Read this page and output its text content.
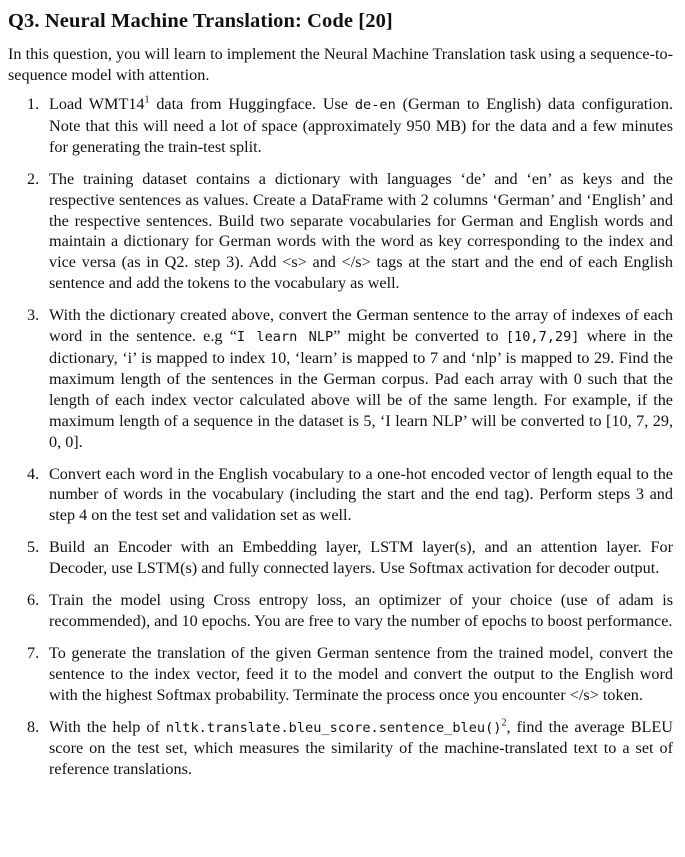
Q3. Neural Machine Translation: Code [20]

In this question, you will learn to implement the Neural Machine Translation task using a sequence-to-sequence model with attention.

1. Load $WMT14^1$ data from Huggingface. Use de-en (German to English) data configuration. Note that this will need a lot of space (approximately 950 MB) for the data and a few minutes for generating the train-test split.
2. The training dataset contains a dictionary with languages ‘de’ and ‘en’ as keys and the respective sentences as values. Create a DataFrame with 2 columns ‘German’ and ‘English’ and the respective sentences. Build two separate vocabularies for German and English words and maintain a dictionary for German words with the word as key corresponding to the index and vice versa (as in Q2. step 3). Add <s> and </s> tags at the start and the end of each English sentence and add the tokens to the vocabulary as well.
3. With the dictionary created above, convert the German sentence to the array of indexes of each word in the sentence. e.g “I learn NLP” might be converted to [10,7,29] where in the dictionary, ‘i’ is mapped to index 10, ‘learn’ is mapped to 7 and ‘nlp’ is mapped to 29. Find the maximum length of the sentences in the German corpus. Pad each array with 0 such that the length of each index vector calculated above will be of the same length. For example, if the maximum length of a sequence in the dataset is 5, ‘I learn NLP’ will be converted to [10, 7, 29, 0, 0].
4. Convert each word in the English vocabulary to a one-hot encoded vector of length equal to the number of words in the vocabulary (including the start and the end tag). Perform steps 3 and step 4 on the test set and validation set as well.
5. Build an Encoder with an Embedding layer, LSTM layer(s), and an attention layer. For Decoder, use LSTM(s) and fully connected layers. Use Softmax activation for decoder output.
6. Train the model using Cross entropy loss, an optimizer of your choice (use of adam is recommended), and 10 epochs. You are free to vary the number of epochs to boost performance.
7. To generate the translation of the given German sentence from the trained model, convert the sentence to the index vector, feed it to the model and convert the output to the English word with the highest Softmax probability. Terminate the process once you encounter </s> token.
8. With the help of nltk.translate.bleu_score.sentence_bleu()$^2$, find the average BLEU score on the test set, which measures the similarity of the machine-translated text to a set of reference translations.
